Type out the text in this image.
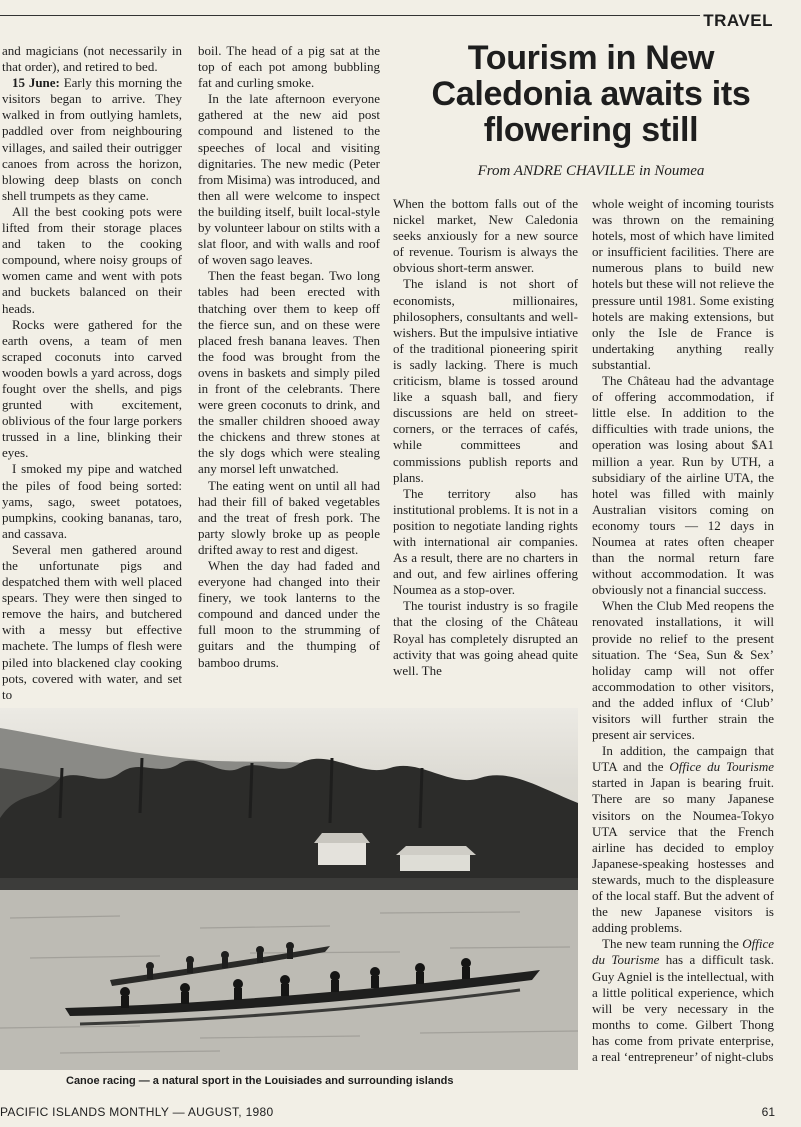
TRAVEL
Tourism in New Caledonia awaits its flowering still
From ANDRE CHAVILLE in Noumea

and magicians (not necessarily in that order), and retired to bed.

15 June: Early this morning the visitors began to arrive. They walked in from outlying hamlets, paddled over from neighbouring villages, and sailed their outrigger canoes from across the horizon, blowing deep blasts on conch shell trumpets as they came.

All the best cooking pots were lifted from their storage places and taken to the cooking compound, where noisy groups of women came and went with pots and buckets balanced on their heads.

Rocks were gathered for the earth ovens, a team of men scraped coconuts into carved wooden bowls a yard across, dogs fought over the shells, and pigs grunted with excitement, oblivious of the four large porkers trussed in a line, blinking their eyes.

I smoked my pipe and watched the piles of food being sorted: yams, sago, sweet potatoes, pumpkins, cooking bananas, taro, and cassava.

Several men gathered around the unfortunate pigs and despatched them with well placed spears. They were then singed to remove the hairs, and butchered with a messy but effective machete. The lumps of flesh were piled into blackened clay cooking pots, covered with water, and set to

boil. The head of a pig sat at the top of each pot among bubbling fat and curling smoke.

In the late afternoon everyone gathered at the new aid post compound and listened to the speeches of local and visiting dignitaries. The new medic (Peter from Misima) was introduced, and then all were welcome to inspect the building itself, built local-style by volunteer labour on stilts with a slat floor, and with walls and roof of woven sago leaves.

Then the feast began. Two long tables had been erected with thatching over them to keep off the fierce sun, and on these were placed fresh banana leaves. Then the food was brought from the ovens in baskets and simply piled in front of the celebrants. There were green coconuts to drink, and the smaller children shooed away the chickens and threw stones at the sly dogs which were stealing any morsel left unwatched.

The eating went on until all had had their fill of baked vegetables and the treat of fresh pork. The party slowly broke up as people drifted away to rest and digest.

When the day had faded and everyone had changed into their finery, we took lanterns to the compound and danced under the full moon to the strumming of guitars and the thumping of bamboo drums.

When the bottom falls out of the nickel market, New Caledonia seeks anxiously for a new source of revenue. Tourism is always the obvious short-term answer.

The island is not short of economists, millionaires, philosophers, consultants and well-wishers. But the impulsive intiative of the traditional pioneering spirit is sadly lacking. There is much criticism, blame is tossed around like a squash ball, and fiery discussions are held on street-corners, or the terraces of cafés, while committees and commissions publish reports and plans.

The territory also has institutional problems. It is not in a position to negotiate landing rights with international air companies. As a result, there are no charters in and out, and few airlines offering Noumea as a stop-over.

The tourist industry is so fragile that the closing of the Château Royal has completely disrupted an activity that was going ahead quite well. The

whole weight of incoming tourists was thrown on the remaining hotels, most of which have limited or insufficient facilities. There are numerous plans to build new hotels but these will not relieve the pressure until 1981. Some existing hotels are making extensions, but only the Isle de France is undertaking anything really substantial.

The Château had the advantage of offering accommodation, if little else. In addition to the difficulties with trade unions, the operation was losing about $A1 million a year. Run by UTH, a subsidiary of the airline UTA, the hotel was filled with mainly Australian visitors coming on economy tours — 12 days in Noumea at rates often cheaper than the normal return fare without accommodation. It was obviously not a financial success.

When the Club Med reopens the renovated installations, it will provide no relief to the present situation. The ‘Sea, Sun & Sex’ holiday camp will not offer accommodation to other visitors, and the added influx of ‘Club’ visitors will further strain the present air services.

In addition, the campaign that UTA and the Office du Tourisme started in Japan is bearing fruit. There are so many Japanese visitors on the Noumea-Tokyo UTA service that the French airline has decided to employ Japanese-speaking hostesses and stewards, much to the displeasure of the local staff. But the advent of the new Japanese visitors is adding problems.

The new team running the Office du Tourisme has a difficult task. Guy Agniel is the intellectual, with a little political experience, which will be very necessary in the months to come. Gilbert Thong has come from private enterprise, a real ‘entrepreneur’ of night-clubs

Canoe racing — a natural sport in the Louisiades and surrounding islands
PACIFIC ISLANDS MONTHLY — AUGUST, 1980	61
